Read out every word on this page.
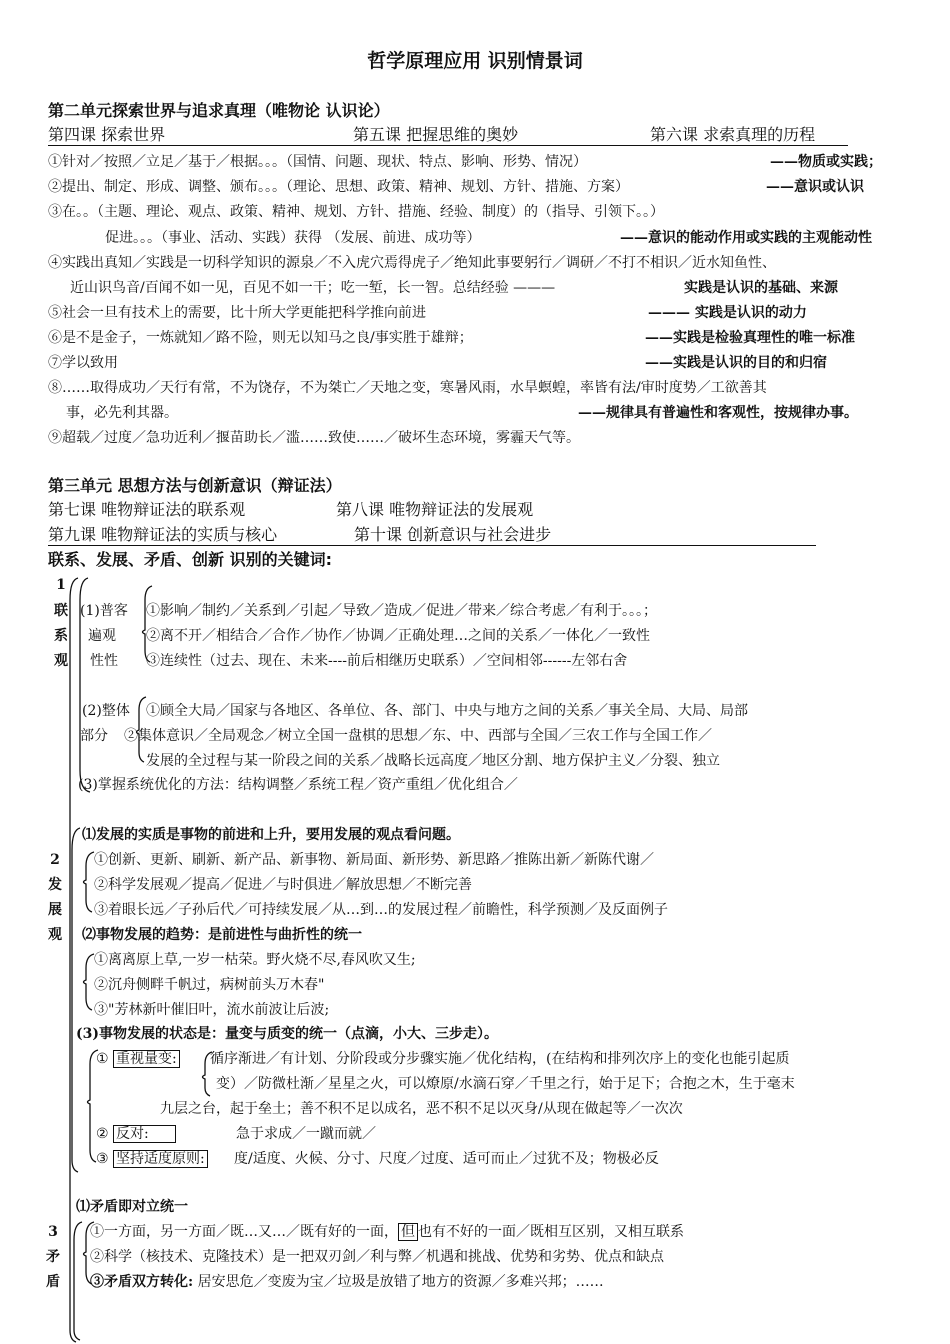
哲学原理应用 识别情景词
第二单元探索世界与追求真理（唯物论 认识论）
第四课 探索世界	第五课 把握思维的奥妙	第六课 求索真理的历程
①针对／按照／立足／基于／根据。。。（国情、问题、现状、特点、影响、形势、情况）	——物质或实践；
②提出、制定、形成、调整、颁布。。。（理论、思想、政策、精神、规划、方针、措施、方案）	——意识或认识
③在。。（主题、理论、观点、政策、精神、规划、方针、措施、经验、制度）的（指导、引领下。。）
促进。。。（事业、活动、实践）获得 （发展、前进、成功等）	——意识的能动作用或实践的主观能动性
④实践出真知／实践是一切科学知识的源泉／不入虎穴焉得虎子／绝知此事要躬行／调研／不打不相识／近水知鱼性、
近山识鸟音/百闻不如一见，百见不如一干；吃一堑，长一智。总结经验 ———	实践是认识的基础、来源
⑤社会一旦有技术上的需要，比十所大学更能把科学推向前进	——— 实践是认识的动力
⑥是不是金子，一炼就知／路不险，则无以知马之良/事实胜于雄辩；	——实践是检验真理性的唯一标准
⑦学以致用	——实践是认识的目的和归宿
⑧……取得成功／天行有常，不为饶存，不为桀亡／天地之变，寒暑风雨，水旱螟蝗，率皆有法/审时度势／工欲善其
事，必先利其器。	——规律具有普遍性和客观性，按规律办事。
⑨超载／过度／急功近利／揠苗助长／滥……致使……／破坏生态环境，雾霾天气等。
第三单元 思想方法与创新意识（辩证法）
第七课 唯物辩证法的联系观	第八课 唯物辩证法的发展观
第九课 唯物辩证法的实质与核心	第十课 创新意识与社会进步
联系、发展、矛盾、创新 识别的关键词:
1
联
系
观
(1)普客
遍观
性性
①影响／制约／关系到／引起／导致／造成／促进／带来／综合考虑／有利于。。。；
②离不开／相结合／合作／协作／协调／正确处理…之间的关系／一体化／一致性
③连续性（过去、现在、未来----前后相继历史联系）／空间相邻------左邻右舍
(2)整体
部分
①顾全大局／国家与各地区、各单位、各、部门、中央与地方之间的关系／事关全局、大局、局部
②集体意识／全局观念／树立全国一盘棋的思想／东、中、西部与全国／三农工作与全国工作／
发展的全过程与某一阶段之间的关系／战略长远高度／地区分割、地方保护主义／分裂、独立
(3)掌握系统优化的方法：结构调整／系统工程／资产重组／优化组合／
⑴发展的实质是事物的前进和上升，要用发展的观点看问题。
2
发
展
观
①创新、更新、刷新、新产品、新事物、新局面、新形势、新思路／推陈出新／新陈代谢／
②科学发展观／提高／促进／与时俱进／解放思想／不断完善
③着眼长远／子孙后代／可持续发展／从…到…的发展过程／前瞻性，科学预测／及反面例子
⑵事物发展的趋势：是前进性与曲折性的统一
①离离原上草,一岁一枯荣。野火烧不尽,春风吹又生;
②沉舟侧畔千帆过，病树前头万木春"
③"芳林新叶催旧叶，流水前波让后波;
(3)事物发展的状态是：量变与质变的统一（点滴，小大、三步走）。
① 重视量变: 循序渐进／有计划、分阶段或分步骤实施／优化结构，(在结构和排列次序上的变化也能引起质
变）／防微杜渐／星星之火，可以燎原/水滴石穿／千里之行，始于足下；合抱之木，生于毫末
九层之台，起于垒土；善不积不足以成名，恶不积不足以灭身/从现在做起等／一次次
② 反对:	急于求成／一蹴而就／
③ 坚持适度原则: 度/适度、火候、分寸、尺度／过度、适可而止／过犹不及；物极必反
⑴矛盾即对立统一
3
矛
盾
①一方面，另一方面／既…又…／既有好的一面， 但 也有不好的一面／既相互区别，又相互联系
②科学（核技术、克隆技术）是一把双刃剑／利与弊／机遇和挑战、优势和劣势、优点和缺点
③矛盾双方转化: 居安思危／变废为宝／垃圾是放错了地方的资源／多难兴邦；……
